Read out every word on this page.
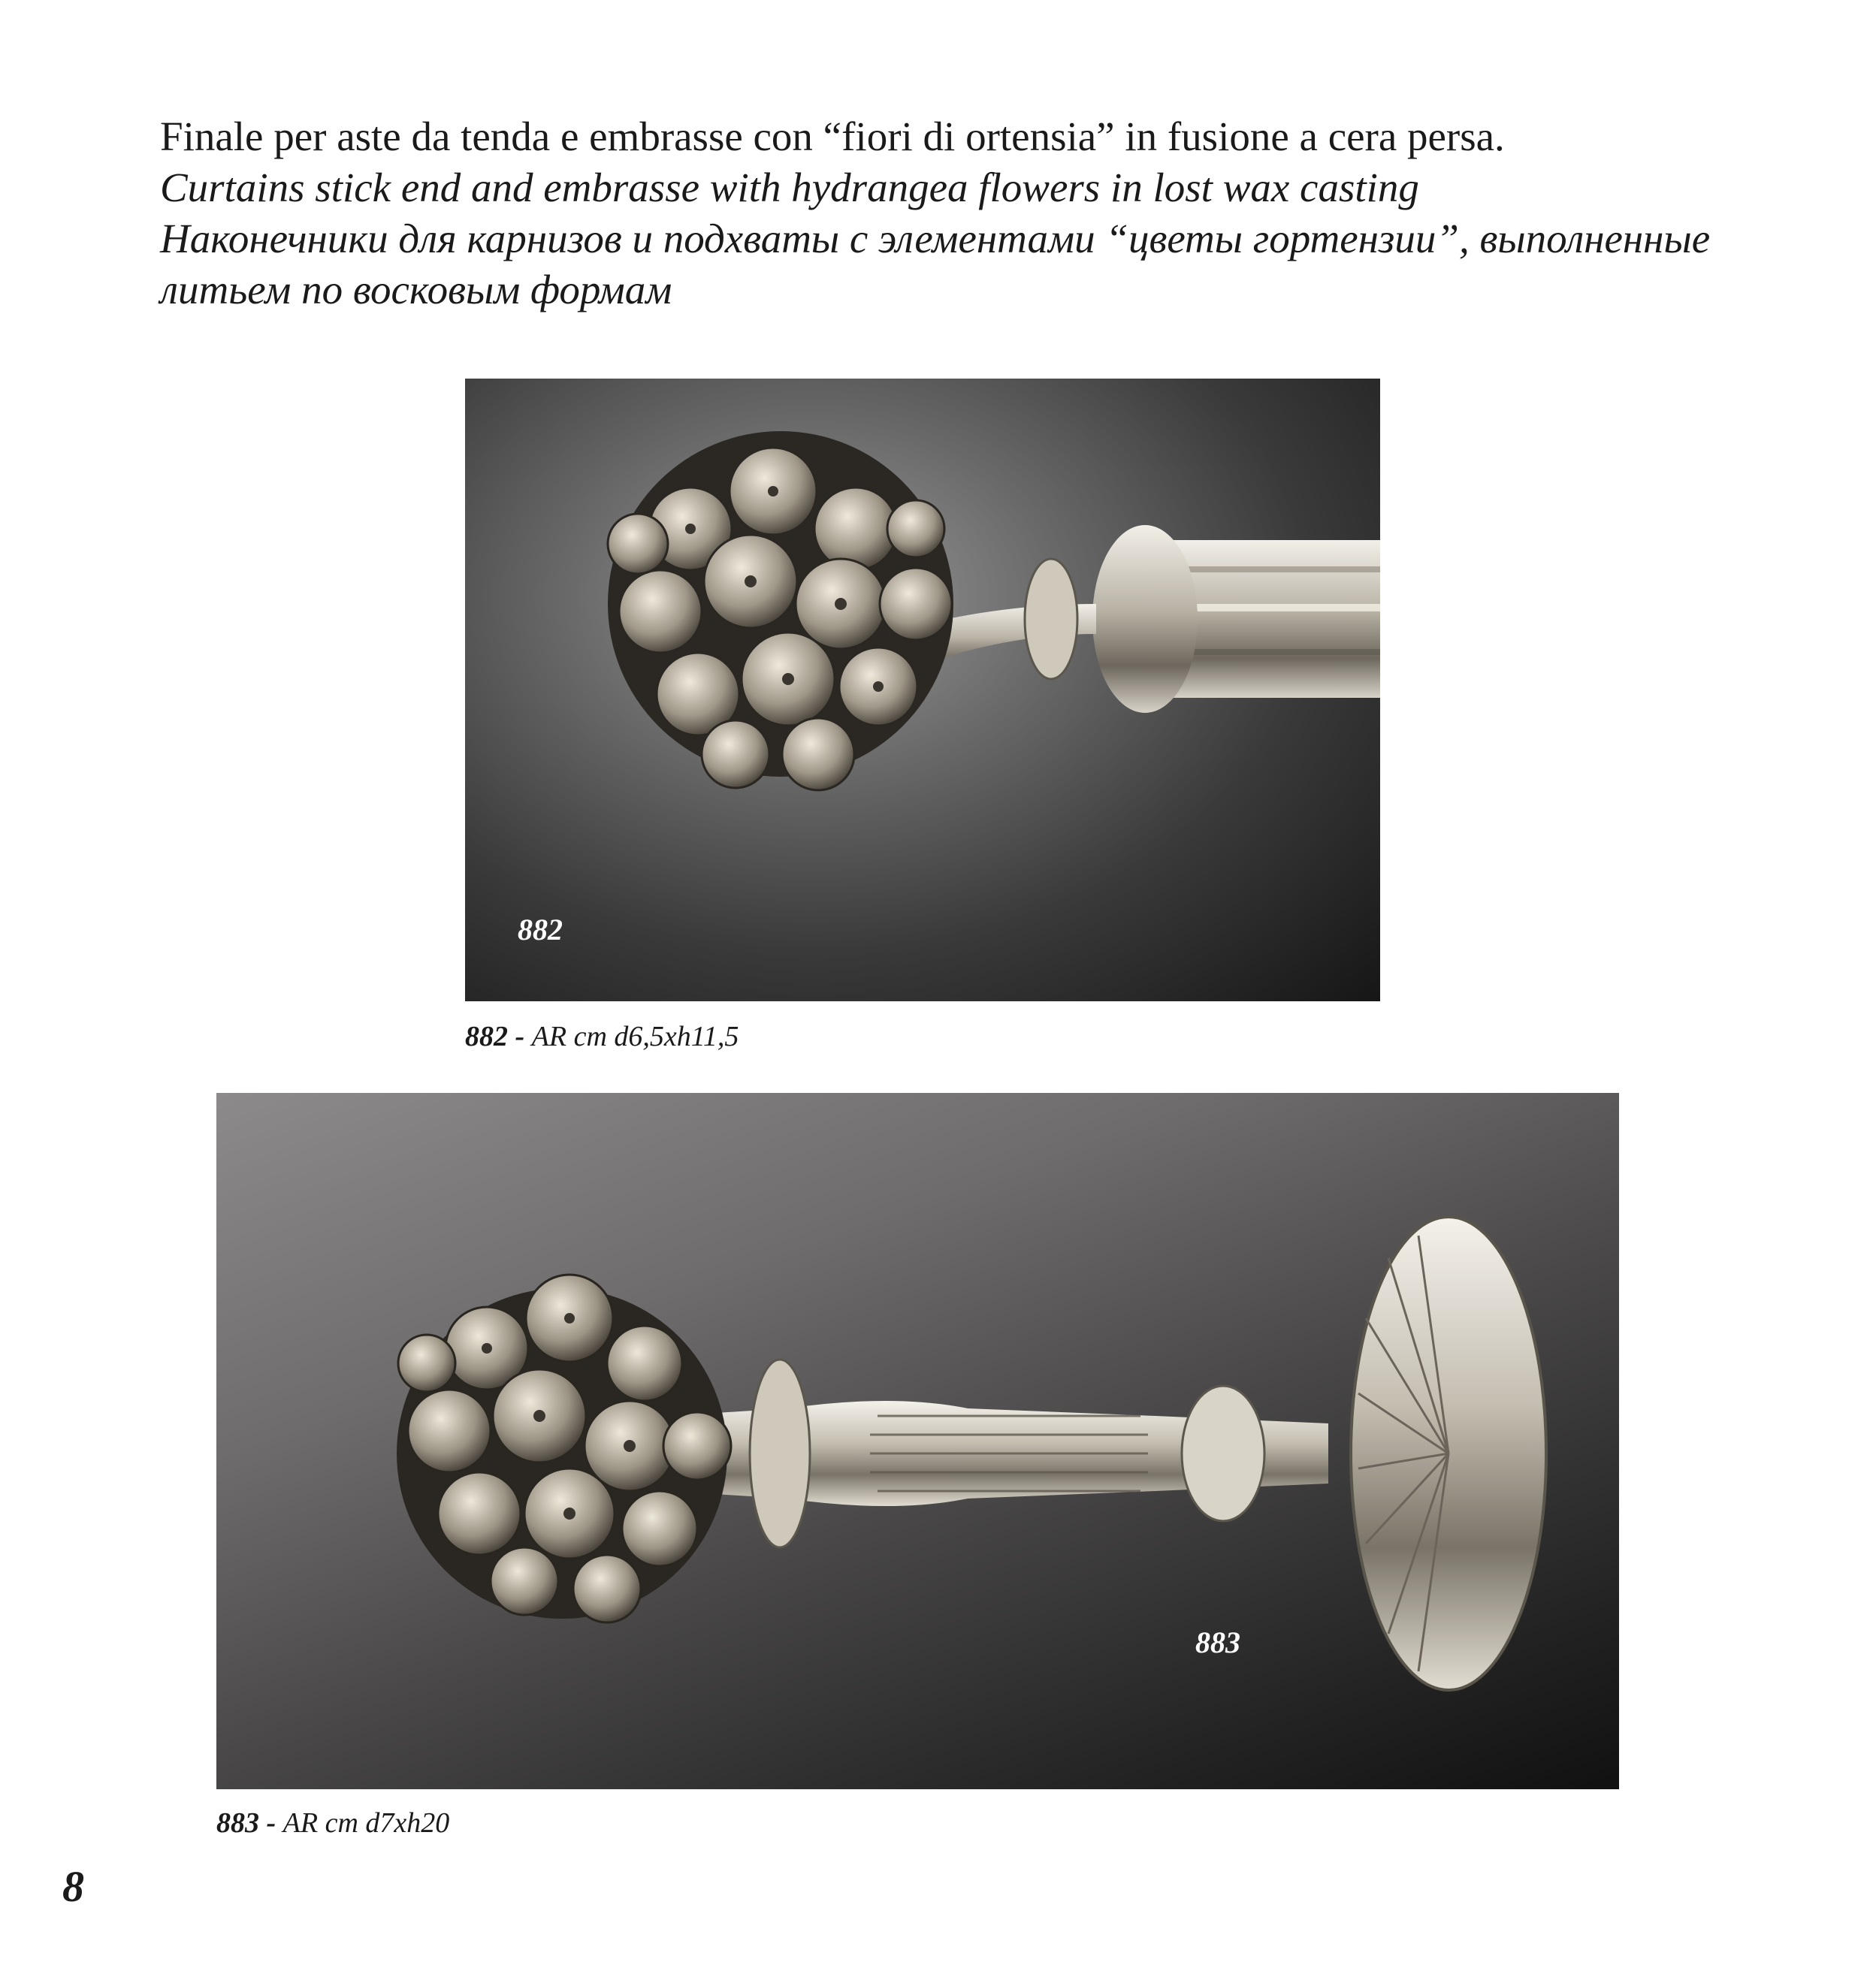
Finale per aste da tenda e embrasse con “fiori di ortensia” in fusione a cera persa.

Curtains stick end and embrasse with hydrangea flowers in lost wax casting

Наконечники для карнизов и подхваты с элементами “цветы гортензии”, выполненные литьем по восковым формам

882
882 - AR cm d6,5xh11,5
883
883 - AR cm d7xh20
8
